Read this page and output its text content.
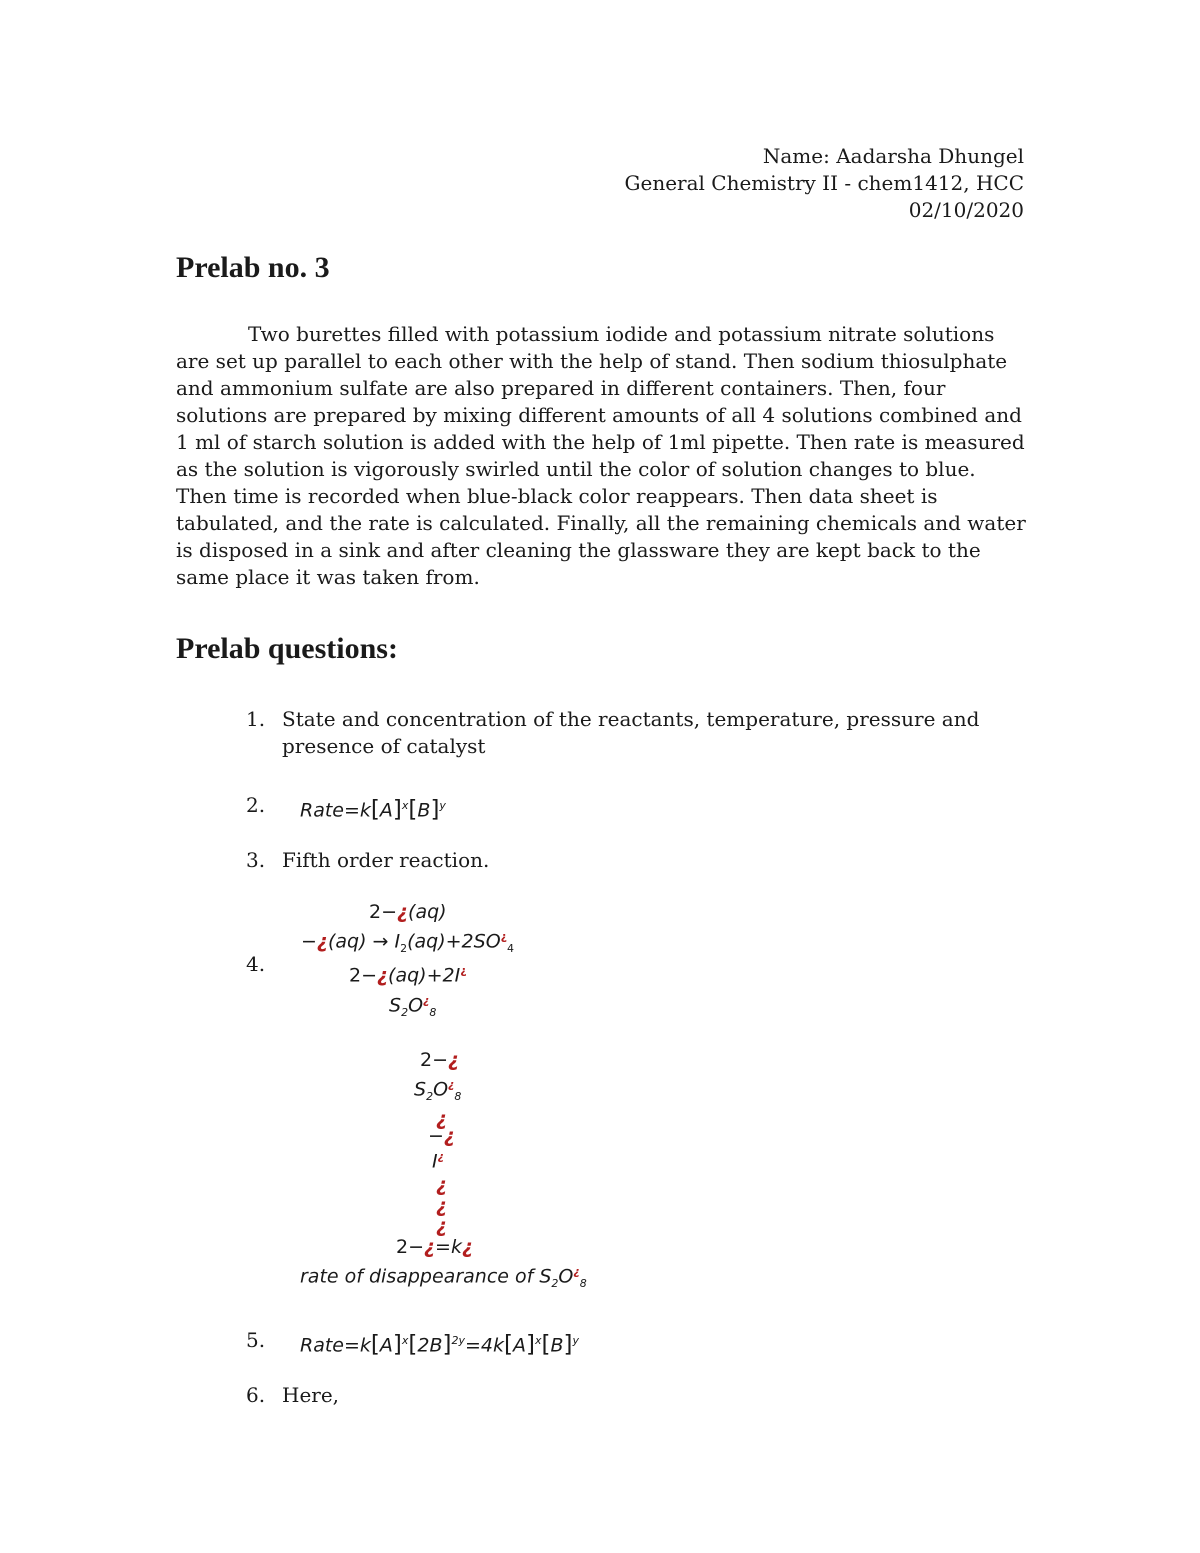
Name: Aadarsha Dhungel
General Chemistry II - chem1412, HCC
02/10/2020
Prelab no. 3

Two burettes filled with potassium iodide and potassium nitrate solutions are set up parallel to each other with the help of stand. Then sodium thiosulphate and ammonium sulfate are also prepared in different containers. Then, four solutions are prepared by mixing different amounts of all 4 solutions combined and 1 ml of starch solution is added with the help of 1ml pipette. Then rate is measured as the solution is vigorously swirled until the color of solution changes to blue. Then time is recorded when blue-black color reappears. Then data sheet is tabulated, and the rate is calculated. Finally, all the remaining chemicals and water is disposed in a sink and after cleaning the glassware they are kept back to the same place it was taken from.

Prelab questions:
1. State and concentration of the reactants, temperature, pressure and presence of catalyst
2. $Rate=k[A]^x[B]^y$
3. Fifth order reaction.
4.
2−¿(aq)
−¿(aq) → $I_2(aq)+2SO^¿_4$
2−¿(aq)+2I¿
$S_2O^¿_8$
2−¿
$S_2O^¿_8$
¿
−¿
I¿
¿
¿
¿
2−¿=k¿
rate of disappearance of $S_2O^¿_8$
5. $Rate=k[A]^x[2B]^{2y}=4k[A]^x[B]^y$
6. Here,
